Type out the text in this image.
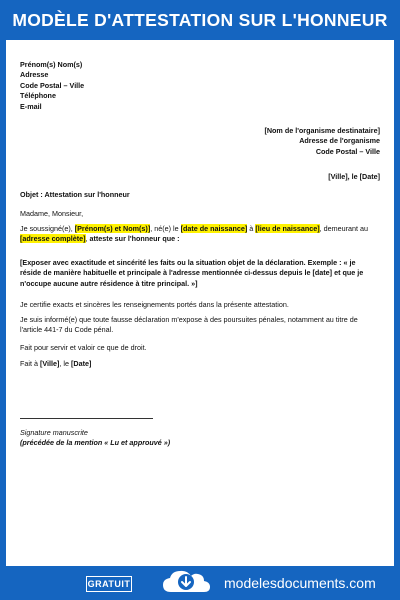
MODÈLE D'ATTESTATION SUR L'HONNEUR
Prénom(s) Nom(s)
Adresse
Code Postal – Ville
Téléphone
E-mail
[Nom de l'organisme destinataire]
Adresse de l'organisme
Code Postal – Ville
[Ville], le [Date]
Objet : Attestation sur l'honneur
Madame, Monsieur,
Je soussigné(e), [Prénom(s) et Nom(s)], né(e) le [date de naissance] à [lieu de naissance], demeurant au [adresse complète], atteste sur l'honneur que :
[Exposer avec exactitude et sincérité les faits ou la situation objet de la déclaration. Exemple : « je réside de manière habituelle et principale à l'adresse mentionnée ci-dessus depuis le [date] et que je n'occupe aucune autre résidence à titre principal. »]
Je certifie exacts et sincères les renseignements portés dans la présente attestation.
Je suis informé(e) que toute fausse déclaration m'expose à des poursuites pénales, notamment au titre de l'article 441-7 du Code pénal.
Fait pour servir et valoir ce que de droit.
Fait à [Ville], le [Date]
Signature manuscrite
(précédée de la mention « Lu et approuvé »)
GRATUIT	modelesdocuments.com
